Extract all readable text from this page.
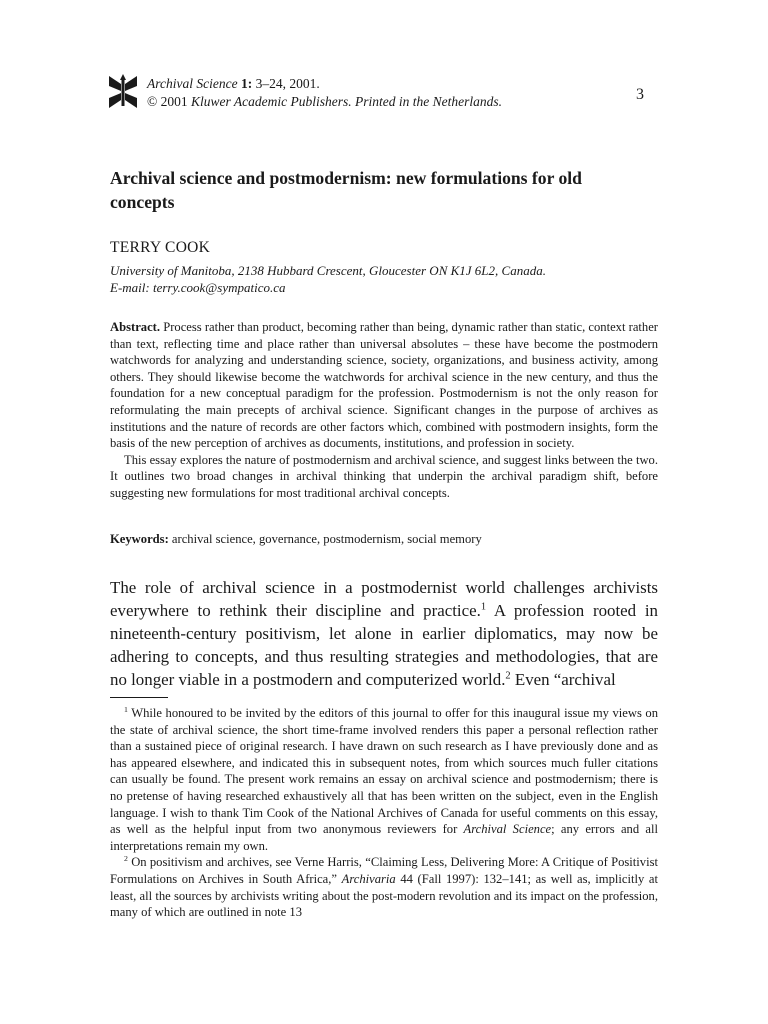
Archival Science 1: 3–24, 2001.
© 2001 Kluwer Academic Publishers. Printed in the Netherlands.	3
Archival science and postmodernism: new formulations for old concepts
TERRY COOK
University of Manitoba, 2138 Hubbard Crescent, Gloucester ON K1J 6L2, Canada.
E-mail: terry.cook@sympatico.ca

Abstract. Process rather than product, becoming rather than being, dynamic rather than static, context rather than text, reflecting time and place rather than universal absolutes – these have become the postmodern watchwords for analyzing and understanding science, society, organizations, and business activity, among others. They should likewise become the watchwords for archival science in the new century, and thus the foundation for a new conceptual paradigm for the profession. Postmodernism is not the only reason for reformulating the main precepts of archival science. Significant changes in the purpose of archives as institutions and the nature of records are other factors which, combined with postmodern insights, form the basis of the new perception of archives as documents, institutions, and profession in society.

This essay explores the nature of postmodernism and archival science, and suggest links between the two. It outlines two broad changes in archival thinking that underpin the archival paradigm shift, before suggesting new formulations for most traditional archival concepts.

Keywords: archival science, governance, postmodernism, social memory

The role of archival science in a postmodernist world challenges archivists everywhere to rethink their discipline and practice.$^1$ A profession rooted in nineteenth-century positivism, let alone in earlier diplomatics, may now be adhering to concepts, and thus resulting strategies and methodologies, that are no longer viable in a postmodern and computerized world.$^2$ Even “archival

$^1$ While honoured to be invited by the editors of this journal to offer for this inaugural issue my views on the state of archival science, the short time-frame involved renders this paper a personal reflection rather than a sustained piece of original research. I have drawn on such research as I have previously done and as has appeared elsewhere, and indicated this in subsequent notes, from which sources much fuller citations can usually be found. The present work remains an essay on archival science and postmodernism; there is no pretense of having researched exhaustively all that has been written on the subject, even in the English language. I wish to thank Tim Cook of the National Archives of Canada for useful comments on this essay, as well as the helpful input from two anonymous reviewers for Archival Science; any errors and all interpretations remain my own.

$^2$ On positivism and archives, see Verne Harris, “Claiming Less, Delivering More: A Critique of Positivist Formulations on Archives in South Africa,” Archivaria 44 (Fall 1997): 132–141; as well as, implicitly at least, all the sources by archivists writing about the post-modern revolution and its impact on the profession, many of which are outlined in note 13
